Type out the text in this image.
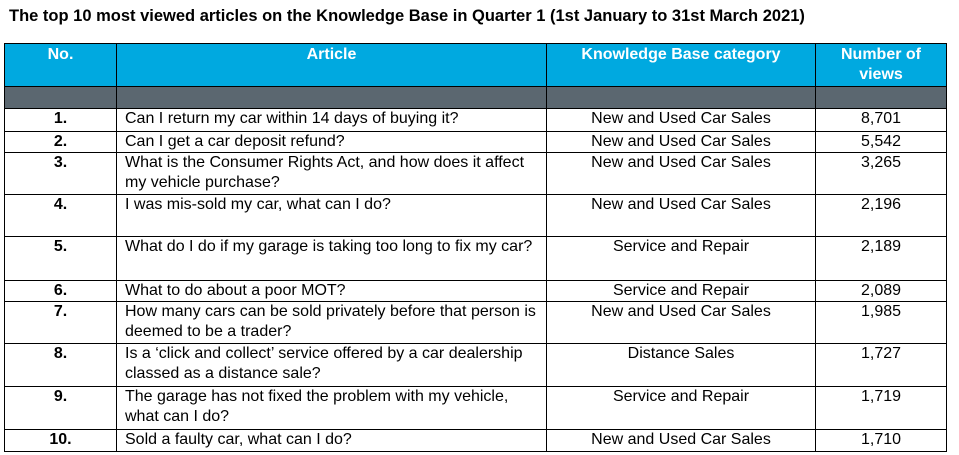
The top 10 most viewed articles on the Knowledge Base in Quarter 1 (1st January to 31st March 2021)
No.	Article	Knowledge Base category	Number of views

1.	Can I return my car within 14 days of buying it?	New and Used Car Sales	8,701
2.	Can I get a car deposit refund?	New and Used Car Sales	5,542
3.	What is the Consumer Rights Act, and how does it affect my vehicle purchase?	New and Used Car Sales	3,265
4.	I was mis-sold my car, what can I do?	New and Used Car Sales	2,196
5.	What do I do if my garage is taking too long to fix my car?	Service and Repair	2,189
6.	What to do about a poor MOT?	Service and Repair	2,089
7.	How many cars can be sold privately before that person is deemed to be a trader?	New and Used Car Sales	1,985
8.	Is a ‘click and collect’ service offered by a car dealership classed as a distance sale?	Distance Sales	1,727
9.	The garage has not fixed the problem with my vehicle, what can I do?	Service and Repair	1,719
10.	Sold a faulty car, what can I do?	New and Used Car Sales	1,710
